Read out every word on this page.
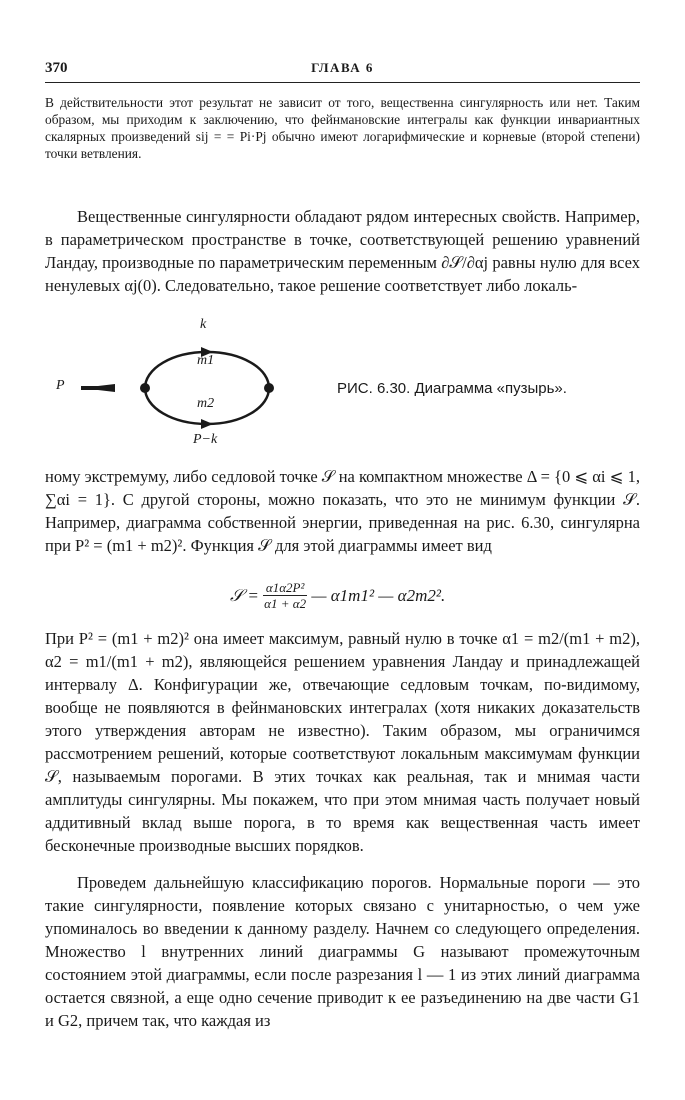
370	ГЛАВА 6
В действительности этот результат не зависит от того, вещественна сингулярность или нет. Таким образом, мы приходим к заключению, что фейнмановские интегралы как функции инвариантных скалярных произведений sij = = Pi·Pj обычно имеют логарифмические и корневые (второй степени) точки ветвления.
Вещественные сингулярности обладают рядом интересных свойств. Например, в параметрическом пространстве в точке, соответствующей решению уравнений Ландау, производные по параметрическим переменным ∂𝒮/∂αj равны нулю для всех ненулевых αj(0). Следовательно, такое решение соответствует либо локаль-
P
k
m1
m2
P−k
РИС. 6.30. Диаграмма «пузырь».
ному экстремуму, либо седловой точке 𝒮 на компактном множестве Δ = {0 ⩽ αi ⩽ 1, ∑αi = 1}. С другой стороны, можно показать, что это не минимум функции 𝒮. Например, диаграмма собственной энергии, приведенная на рис. 6.30, сингулярна при P² = (m1 + m2)². Функция 𝒮 для этой диаграммы имеет вид
𝒮 = $\frac{\text{α1α2P²}}{\alpha 1 + \alpha 2}$ — α1m1² — α2m2².
При P² = (m1 + m2)² она имеет максимум, равный нулю в точке α1 = m2/(m1 + m2), α2 = m1/(m1 + m2), являющейся решением уравнения Ландау и принадлежащей интервалу Δ. Конфигурации же, отвечающие седловым точкам, по-видимому, вообще не появляются в фейнмановских интегралах (хотя никаких доказательств этого утверждения авторам не известно). Таким образом, мы ограничимся рассмотрением решений, которые соответствуют локальным максимумам функции 𝒮, называемым порогами. В этих точках как реальная, так и мнимая части амплитуды сингулярны. Мы покажем, что при этом мнимая часть получает новый аддитивный вклад выше порога, в то время как вещественная часть имеет бесконечные производные высших порядков.
Проведем дальнейшую классификацию порогов. Нормальные пороги — это такие сингулярности, появление которых связано с унитарностью, о чем уже упоминалось во введении к данному разделу. Начнем со следующего определения. Множество l внутренних линий диаграммы G называют промежуточным состоянием этой диаграммы, если после разрезания l — 1 из этих линий диаграмма остается связной, а еще одно сечение приводит к ее разъединению на две части G1 и G2, причем так, что каждая из
